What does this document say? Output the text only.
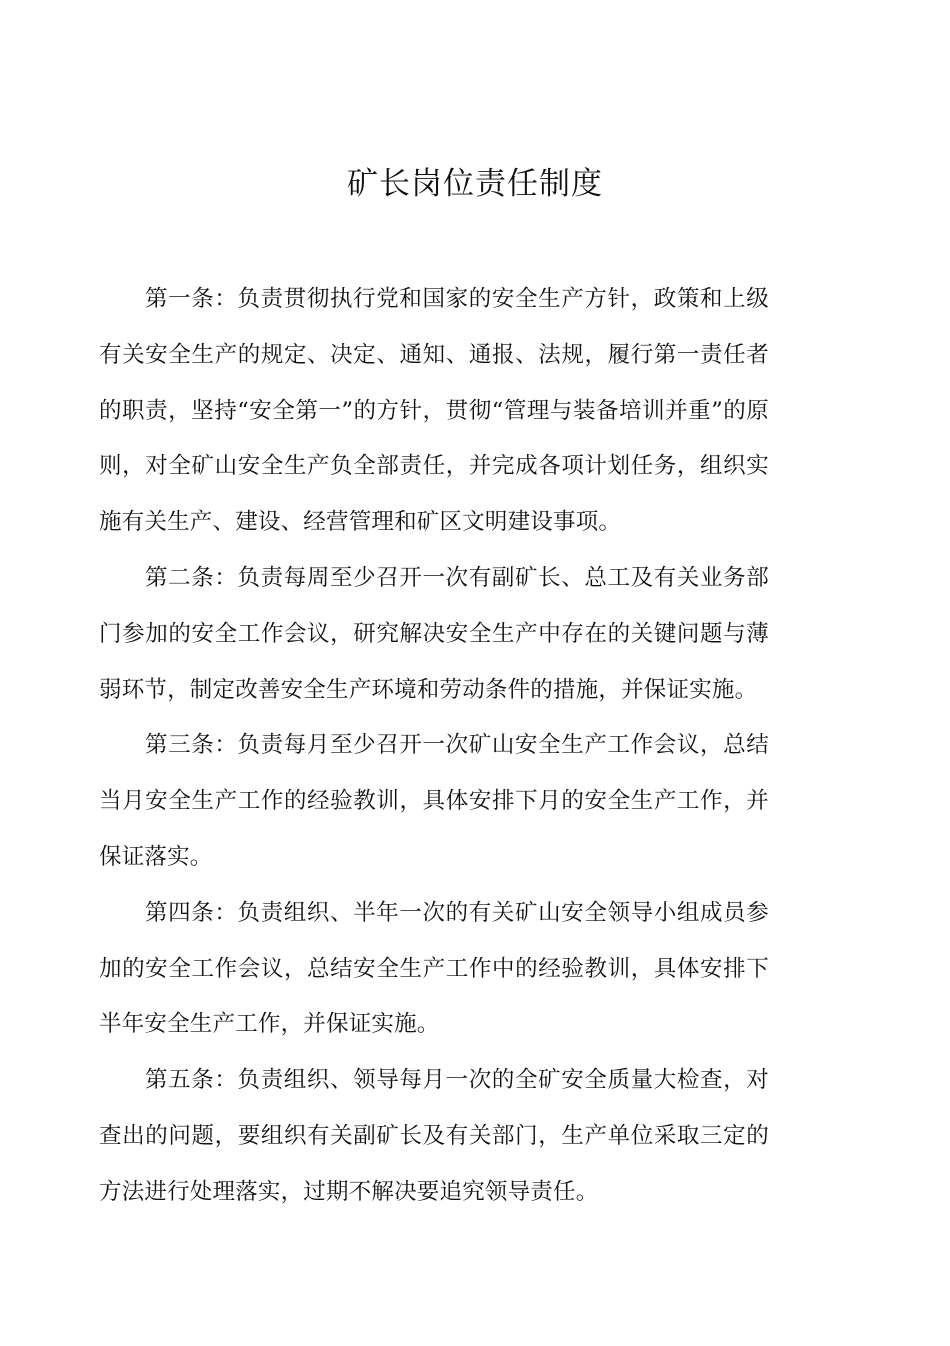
矿长岗位责任制度

第一条：负责贯彻执行党和国家的安全生产方针，政策和上级有关安全生产的规定、决定、通知、通报、法规，履行第一责任者的职责，坚持“安全第一”的方针，贯彻“管理与装备培训并重”的原则，对全矿山安全生产负全部责任，并完成各项计划任务，组织实施有关生产、建设、经营管理和矿区文明建设事项。

第二条：负责每周至少召开一次有副矿长、总工及有关业务部门参加的安全工作会议，研究解决安全生产中存在的关键问题与薄弱环节，制定改善安全生产环境和劳动条件的措施，并保证实施。

第三条：负责每月至少召开一次矿山安全生产工作会议，总结当月安全生产工作的经验教训，具体安排下月的安全生产工作，并保证落实。

第四条：负责组织、半年一次的有关矿山安全领导小组成员参加的安全工作会议，总结安全生产工作中的经验教训，具体安排下半年安全生产工作，并保证实施。

第五条：负责组织、领导每月一次的全矿安全质量大检查，对查出的问题，要组织有关副矿长及有关部门，生产单位采取三定的方法进行处理落实，过期不解决要追究领导责任。
